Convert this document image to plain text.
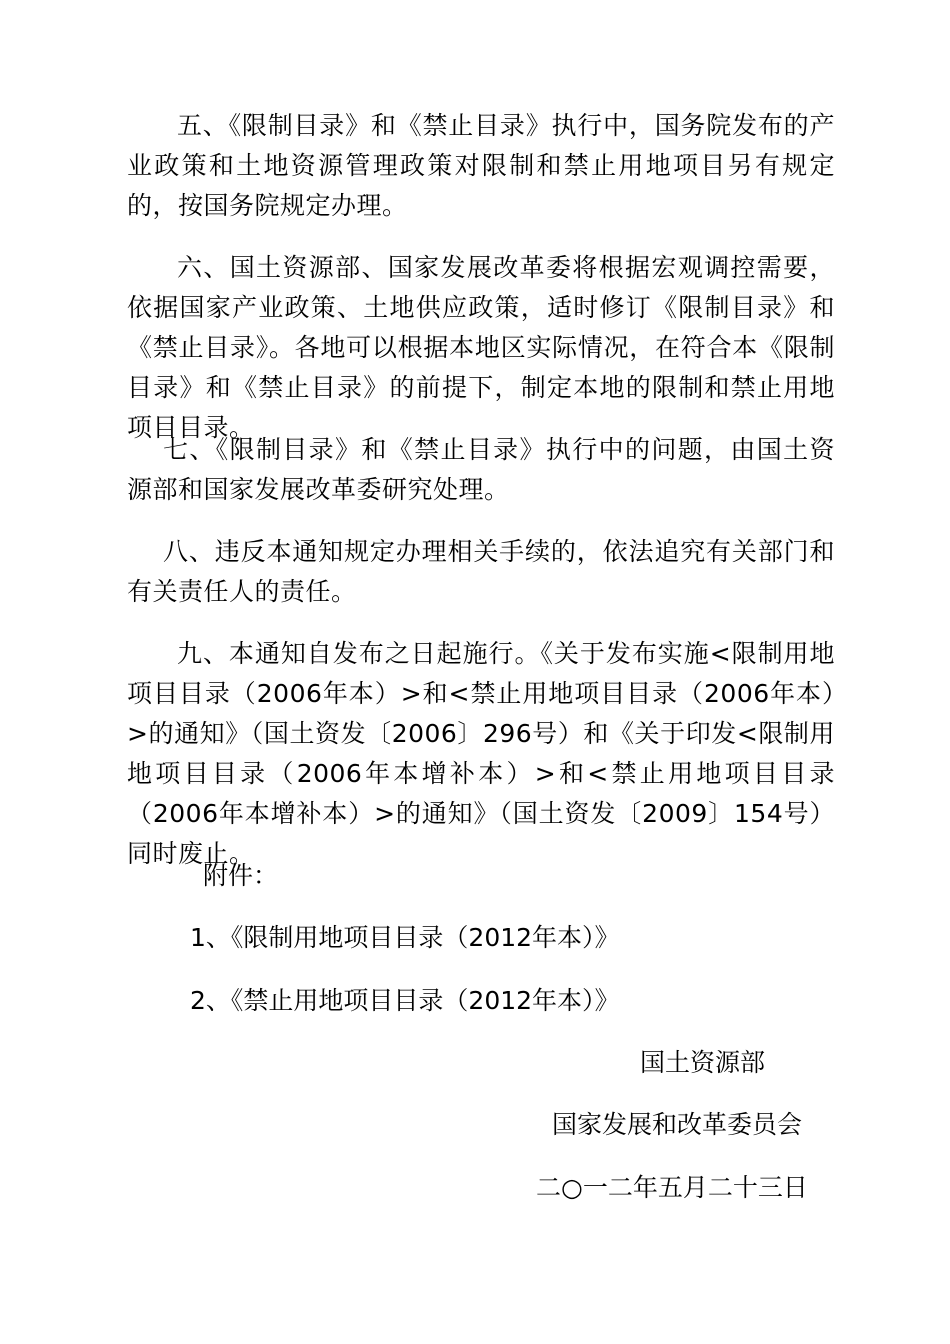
五、《限制目录》和《禁止目录》执行中，国务院发布的产业政策和土地资源管理政策对限制和禁止用地项目另有规定的，按国务院规定办理。
六、国土资源部、国家发展改革委将根据宏观调控需要，依据国家产业政策、土地供应政策，适时修订《限制目录》和《禁止目录》。各地可以根据本地区实际情况，在符合本《限制目录》和《禁止目录》的前提下，制定本地的限制和禁止用地项目目录。
七、《限制目录》和《禁止目录》执行中的问题，由国土资源部和国家发展改革委研究处理。
八、违反本通知规定办理相关手续的，依法追究有关部门和有关责任人的责任。
九、本通知自发布之日起施行。《关于发布实施<限制用地项目目录（2006年本）>和<禁止用地项目目录（2006年本）>的通知》（国土资发〔2006〕296号）和《关于印发<限制用地项目目录（2006年本增补本）>和<禁止用地项目目录（2006年本增补本）>的通知》（国土资发〔2009〕154号）同时废止。
附件：
1、《限制用地项目目录（2012年本）》
2、《禁止用地项目目录（2012年本）》
国土资源部
国家发展和改革委员会
二○一二年五月二十三日
